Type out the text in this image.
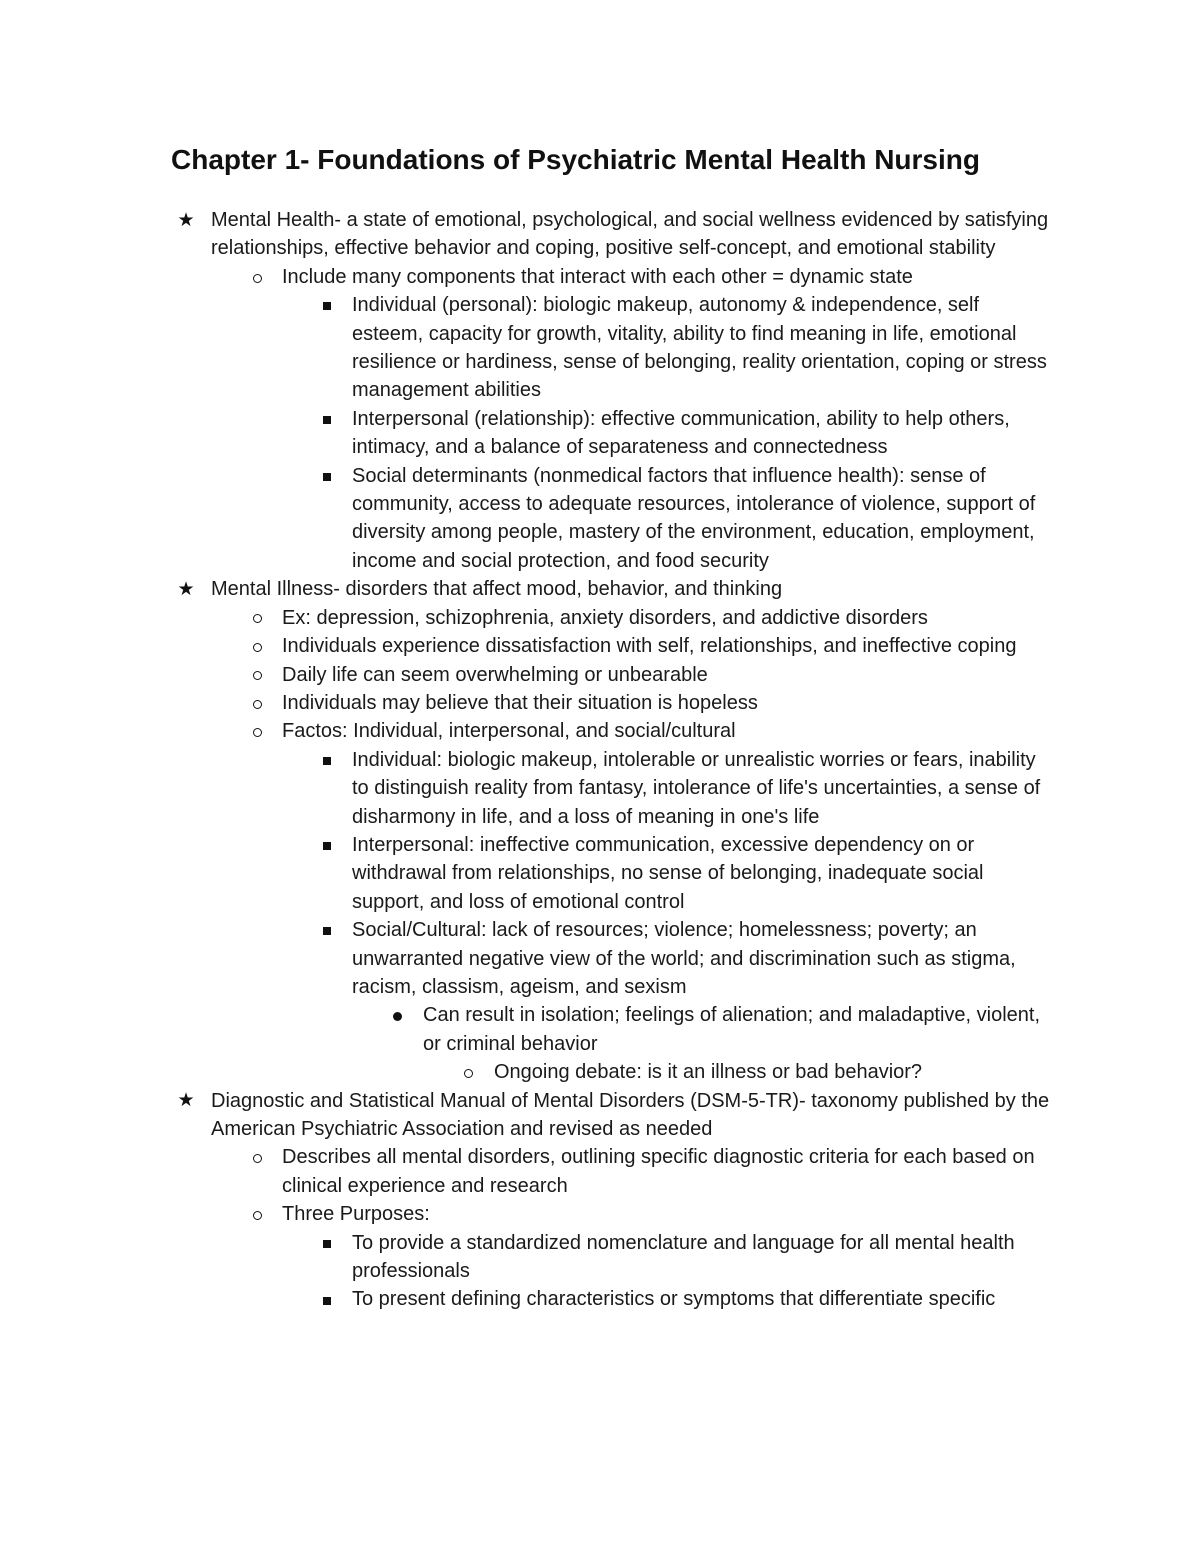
Chapter 1- Foundations of Psychiatric Mental Health Nursing
★ Mental Health- a state of emotional, psychological, and social wellness evidenced by satisfying relationships, effective behavior and coping, positive self-concept, and emotional stability
Include many components that interact with each other = dynamic state
Individual (personal): biologic makeup, autonomy & independence, self esteem, capacity for growth, vitality, ability to find meaning in life, emotional resilience or hardiness, sense of belonging, reality orientation, coping or stress management abilities
Interpersonal (relationship): effective communication, ability to help others, intimacy, and a balance of separateness and connectedness
Social determinants (nonmedical factors that influence health): sense of community, access to adequate resources, intolerance of violence, support of diversity among people, mastery of the environment, education, employment, income and social protection, and food security
★ Mental Illness- disorders that affect mood, behavior, and thinking
Ex: depression, schizophrenia, anxiety disorders, and addictive disorders
Individuals experience dissatisfaction with self, relationships, and ineffective coping
Daily life can seem overwhelming or unbearable
Individuals may believe that their situation is hopeless
Factos: Individual, interpersonal, and social/cultural
Individual: biologic makeup, intolerable or unrealistic worries or fears, inability to distinguish reality from fantasy, intolerance of life's uncertainties, a sense of disharmony in life, and a loss of meaning in one's life
Interpersonal: ineffective communication, excessive dependency on or withdrawal from relationships, no sense of belonging, inadequate social support, and loss of emotional control
Social/Cultural: lack of resources; violence; homelessness; poverty; an unwarranted negative view of the world; and discrimination such as stigma, racism, classism, ageism, and sexism
Can result in isolation; feelings of alienation; and maladaptive, violent, or criminal behavior
Ongoing debate: is it an illness or bad behavior?
★ Diagnostic and Statistical Manual of Mental Disorders (DSM-5-TR)- taxonomy published by the American Psychiatric Association and revised as needed
Describes all mental disorders, outlining specific diagnostic criteria for each based on clinical experience and research
Three Purposes:
To provide a standardized nomenclature and language for all mental health professionals
To present defining characteristics or symptoms that differentiate specific
